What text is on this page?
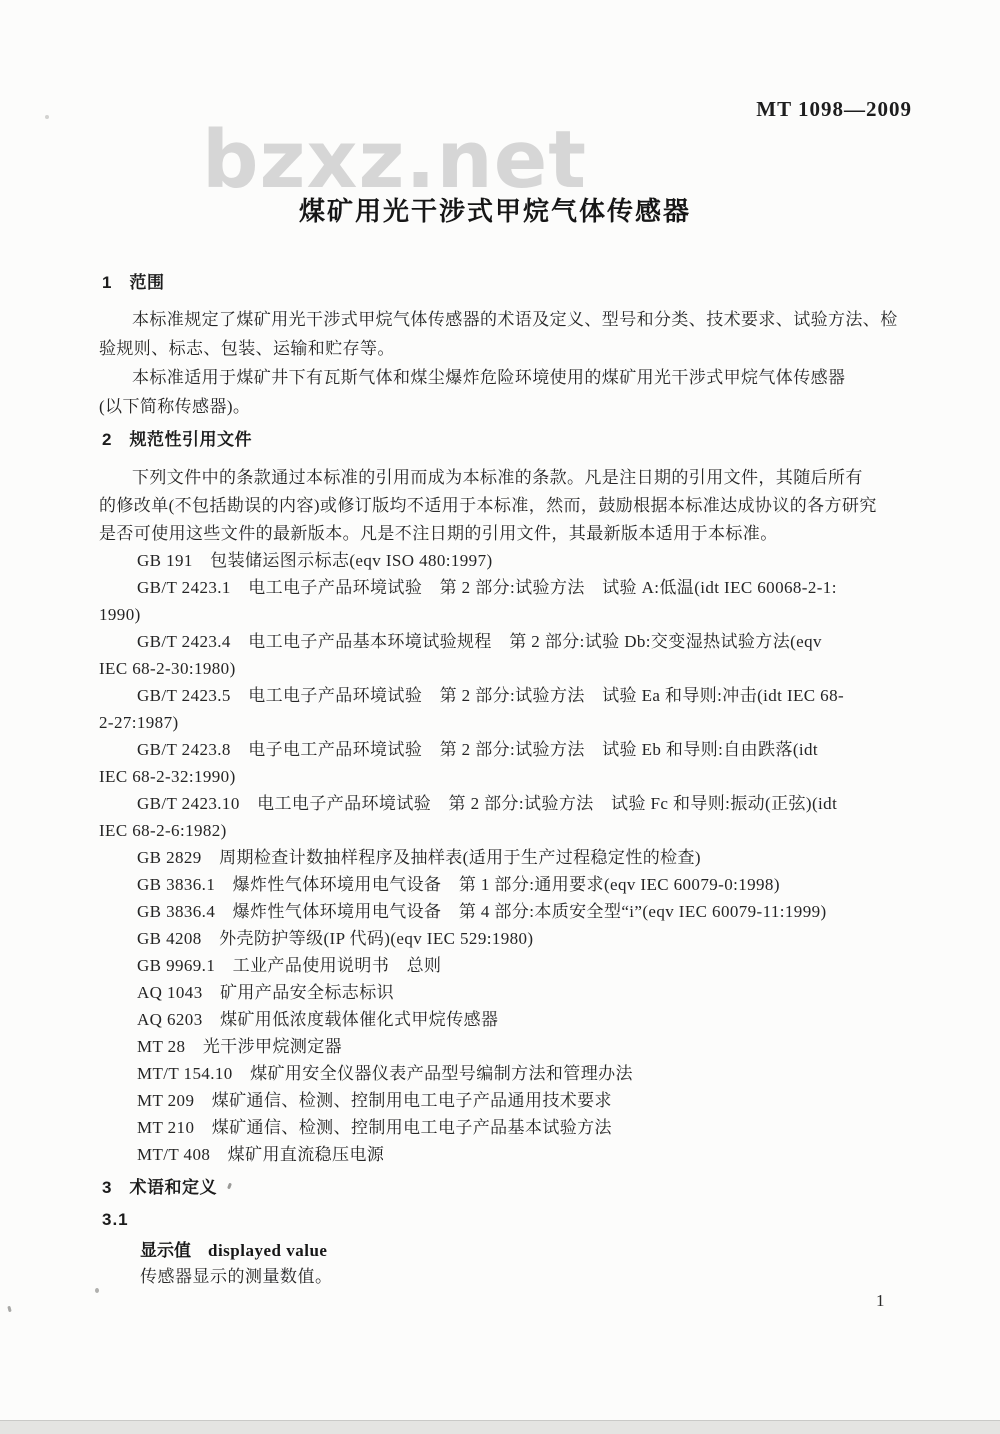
MT 1098—2009
bzxz.net
煤矿用光干涉式甲烷气体传感器
1　范围
本标准规定了煤矿用光干涉式甲烷气体传感器的术语及定义、型号和分类、技术要求、试验方法、检
验规则、标志、包装、运输和贮存等。
本标准适用于煤矿井下有瓦斯气体和煤尘爆炸危险环境使用的煤矿用光干涉式甲烷气体传感器
(以下简称传感器)。
2　规范性引用文件
下列文件中的条款通过本标准的引用而成为本标准的条款。凡是注日期的引用文件，其随后所有
的修改单(不包括勘误的内容)或修订版均不适用于本标准，然而，鼓励根据本标准达成协议的各方研究
是否可使用这些文件的最新版本。凡是不注日期的引用文件，其最新版本适用于本标准。
GB 191　包装储运图示标志(eqv ISO 480:1997)
GB/T 2423.1　电工电子产品环境试验　第 2 部分:试验方法　试验 A:低温(idt IEC 60068-2-1:
1990)
GB/T 2423.4　电工电子产品基本环境试验规程　第 2 部分:试验 Db:交变湿热试验方法(eqv
IEC 68-2-30:1980)
GB/T 2423.5　电工电子产品环境试验　第 2 部分:试验方法　试验 Ea 和导则:冲击(idt IEC 68-
2-27:1987)
GB/T 2423.8　电子电工产品环境试验　第 2 部分:试验方法　试验 Eb 和导则:自由跌落(idt
IEC 68-2-32:1990)
GB/T 2423.10　电工电子产品环境试验　第 2 部分:试验方法　试验 Fc 和导则:振动(正弦)(idt
IEC 68-2-6:1982)
GB 2829　周期检查计数抽样程序及抽样表(适用于生产过程稳定性的检查)
GB 3836.1　爆炸性气体环境用电气设备　第 1 部分:通用要求(eqv IEC 60079-0:1998)
GB 3836.4　爆炸性气体环境用电气设备　第 4 部分:本质安全型“i”(eqv IEC 60079-11:1999)
GB 4208　外壳防护等级(IP 代码)(eqv IEC 529:1980)
GB 9969.1　工业产品使用说明书　总则
AQ 1043　矿用产品安全标志标识
AQ 6203　煤矿用低浓度载体催化式甲烷传感器
MT 28　光干涉甲烷测定器
MT/T 154.10　煤矿用安全仪器仪表产品型号编制方法和管理办法
MT 209　煤矿通信、检测、控制用电工电子产品通用技术要求
MT 210　煤矿通信、检测、控制用电工电子产品基本试验方法
MT/T 408　煤矿用直流稳压电源
3　术语和定义
3.1
显示值　 displayed value
传感器显示的测量数值。
1
